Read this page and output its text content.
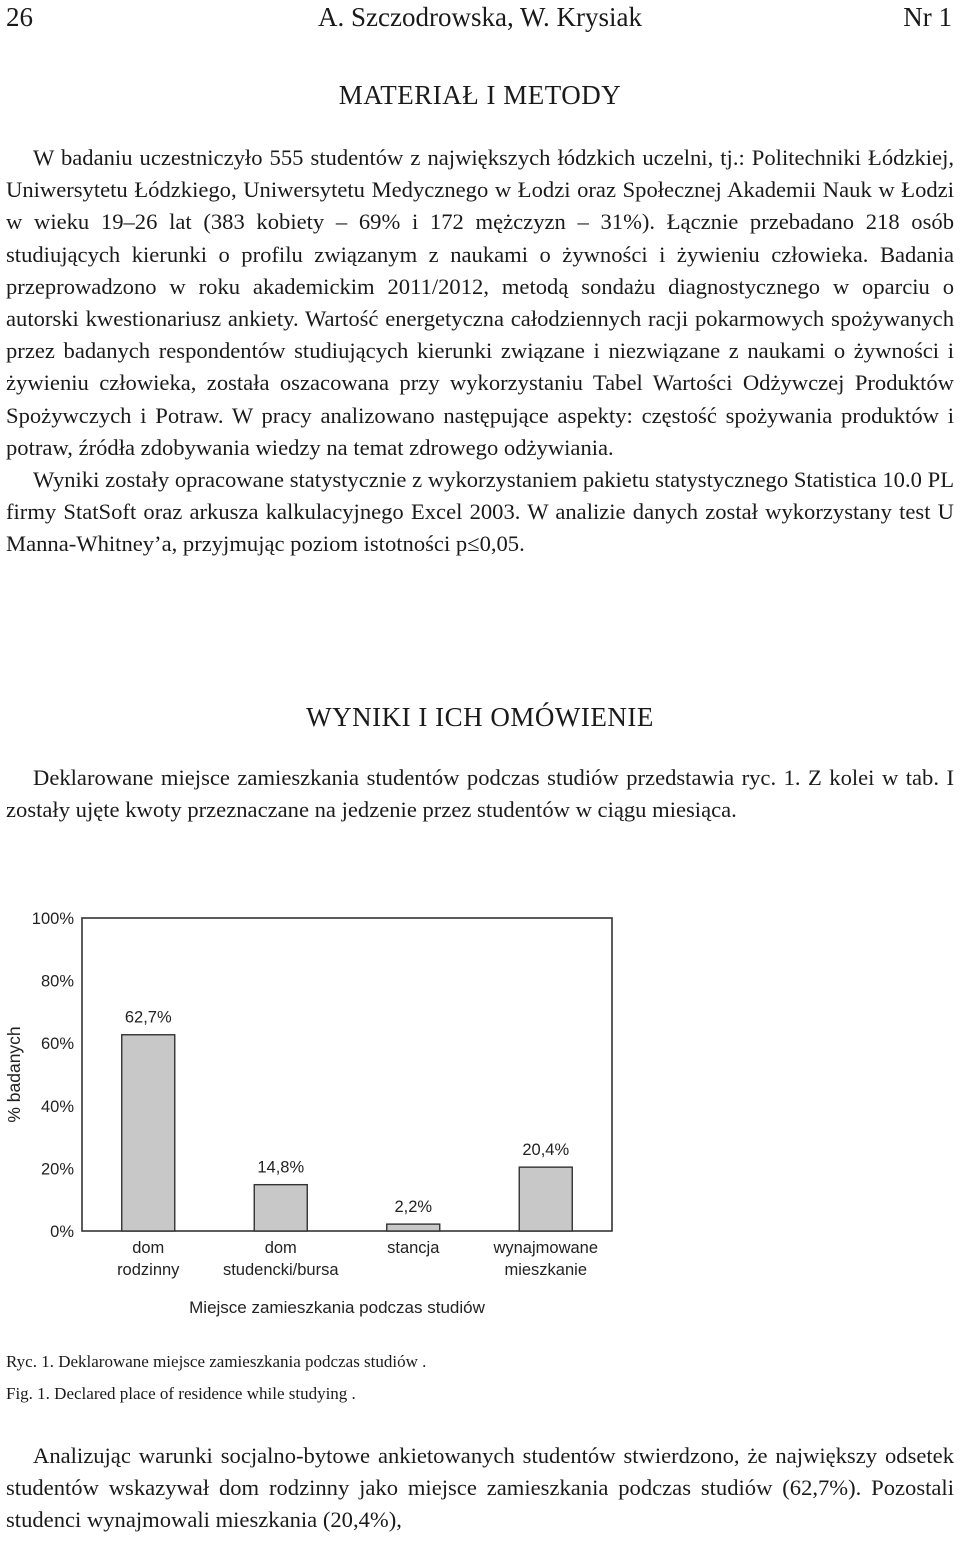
26	A. Szczodrowska, W. Krysiak	Nr 1
MATERIAŁ I METODY

W badaniu uczestniczyło 555 studentów z największych łódzkich uczelni, tj.: Politechniki Łódzkiej, Uniwersytetu Łódzkiego, Uniwersytetu Medycznego w Łodzi oraz Społecznej Akademii Nauk w Łodzi w wieku 19–26 lat (383 kobiety – 69% i 172 mężczyzn – 31%). Łącznie przebadano 218 osób studiujących kierunki o profilu związanym z naukami o żywności i żywieniu człowieka. Badania przeprowadzono w roku akademickim 2011/2012, metodą sondażu diagnostycznego w oparciu o autorski kwestionariusz ankiety. Wartość energetyczna całodziennych racji pokarmowych spożywanych przez badanych respondentów studiujących kierunki związane i niezwiązane z naukami o żywności i żywieniu człowieka, została oszacowana przy wykorzystaniu Tabel Wartości Odżywczej Produktów Spożywczych i Potraw. W pracy analizowano następujące aspekty: częstość spożywania produktów i potraw, źródła zdobywania wiedzy na temat zdrowego odżywiania.

Wyniki zostały opracowane statystycznie z wykorzystaniem pakietu statystycznego Statistica 10.0 PL firmy StatSoft oraz arkusza kalkulacyjnego Excel 2003. W analizie danych został wykorzystany test U Manna-Whitney’a, przyjmując poziom istotności p≤0,05.

WYNIKI I ICH OMÓWIENIE

Deklarowane miejsce zamieszkania studentów podczas studiów przedstawia ryc. 1. Z kolei w tab. I zostały ujęte kwoty przeznaczane na jedzenie przez studentów w ciągu miesiąca.

0%
20%
40%
60%
80%
100%
% badanych
62,7%
dom
rodzinny
14,8%
dom
studencki/bursa
2,2%
stancja
20,4%
wynajmowane
mieszkanie
Miejsce zamieszkania podczas studiów
Ryc. 1. Deklarowane miejsce zamieszkania podczas studiów .
Fig. 1. Declared place of residence while studying .

Analizując warunki socjalno-bytowe ankietowanych studentów stwierdzono, że największy odsetek studentów wskazywał dom rodzinny jako miejsce zamieszkania podczas studiów (62,7%). Pozostali studenci wynajmowali mieszkania (20,4%),
